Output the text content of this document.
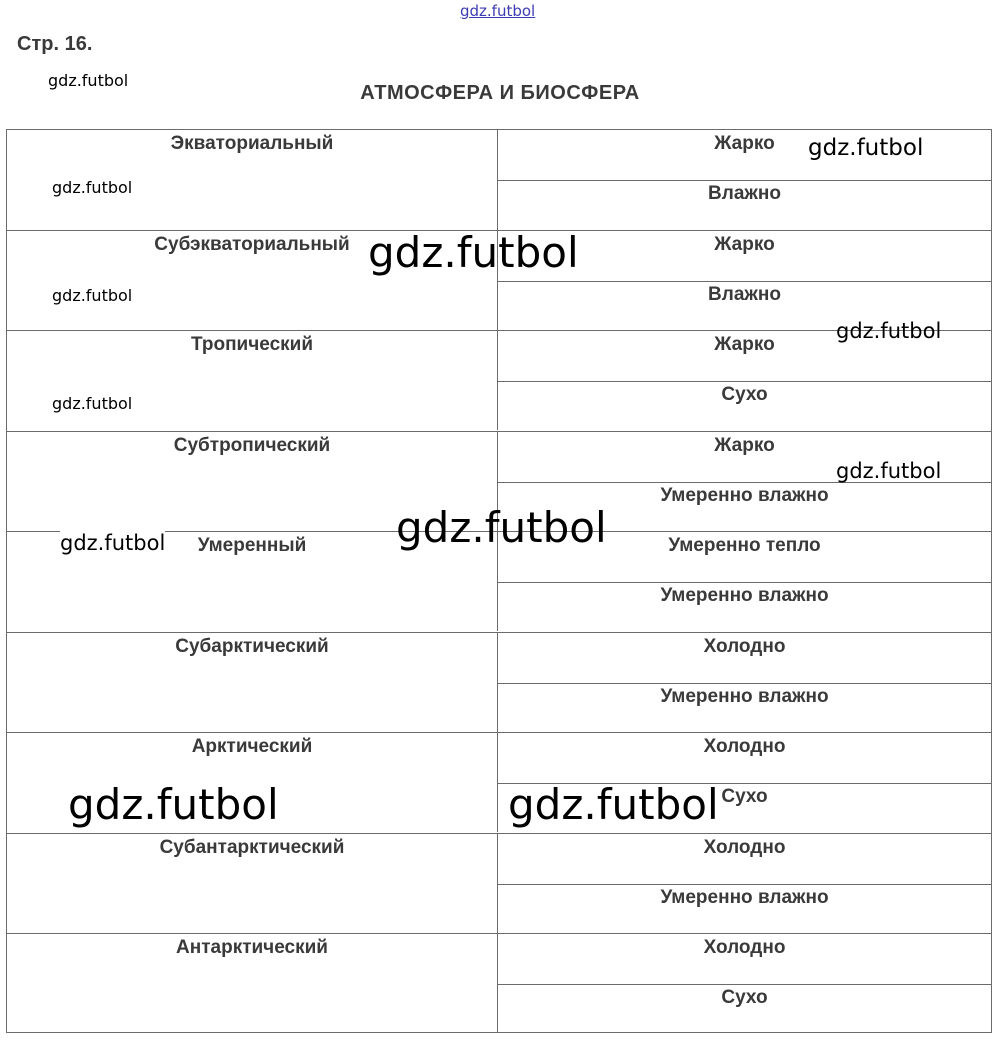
gdz.futbol
Стр. 16.
gdz.futbol
АТМОСФЕРА И БИОСФЕРА
Экваториальный	Жарко
Влажно
Субэкваториальный	Жарко
Влажно
Тропический	Жарко
Сухо
Субтропический	Жарко
Умеренно влажно
Умеренный	Умеренно тепло
Умеренно влажно
Субарктический	Холодно
Умеренно влажно
Арктический	Холодно
Сухо
Субантарктический	Холодно
Умеренно влажно
Антарктический	Холодно
Сухо
gdz.futbol
gdz.futbol
gdz.futbol
gdz.futbol
gdz.futbol
gdz.futbol
gdz.futbol
gdz.futbol
gdz.futbol
gdz.futbol	gdz.futbol
